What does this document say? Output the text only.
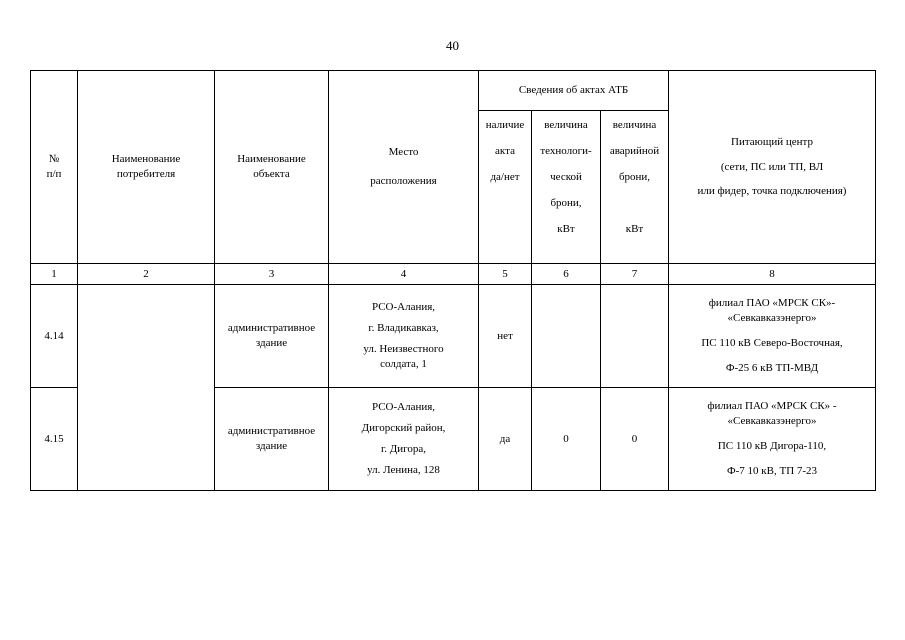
40
№
п/п	Наименование
потребителя	Наименование
объекта	Место
расположения	Сведения об актах АТБ			Питающий центр
(сети, ПС или ТП, ВЛ
или фидер, точка подключения)

				наличие
акта
да/нет	величина
технологи-
ческой
брони,
кВт	величина
аварийной
брони,
кВт	

1	2	3	4	5	6	7	8
4.14		административное
здание	РСО-Алания,
г. Владикавказ,
ул. Неизвестного
солдата, 1	нет			филиал ПАО «МРСК СК»-
«Севкавказэнерго»
ПС 110 кВ Северо-Восточная,
Ф-25 6 кВ ТП-МВД

4.15		административное
здание	РСО-Алания,
Дигорский район,
г. Дигора,
ул. Ленина, 128	да	0	0	филиал ПАО «МРСК СК» -
«Севкавказэнерго»
ПС 110 кВ Дигора-110,
Ф-7 10 кВ, ТП 7-23
